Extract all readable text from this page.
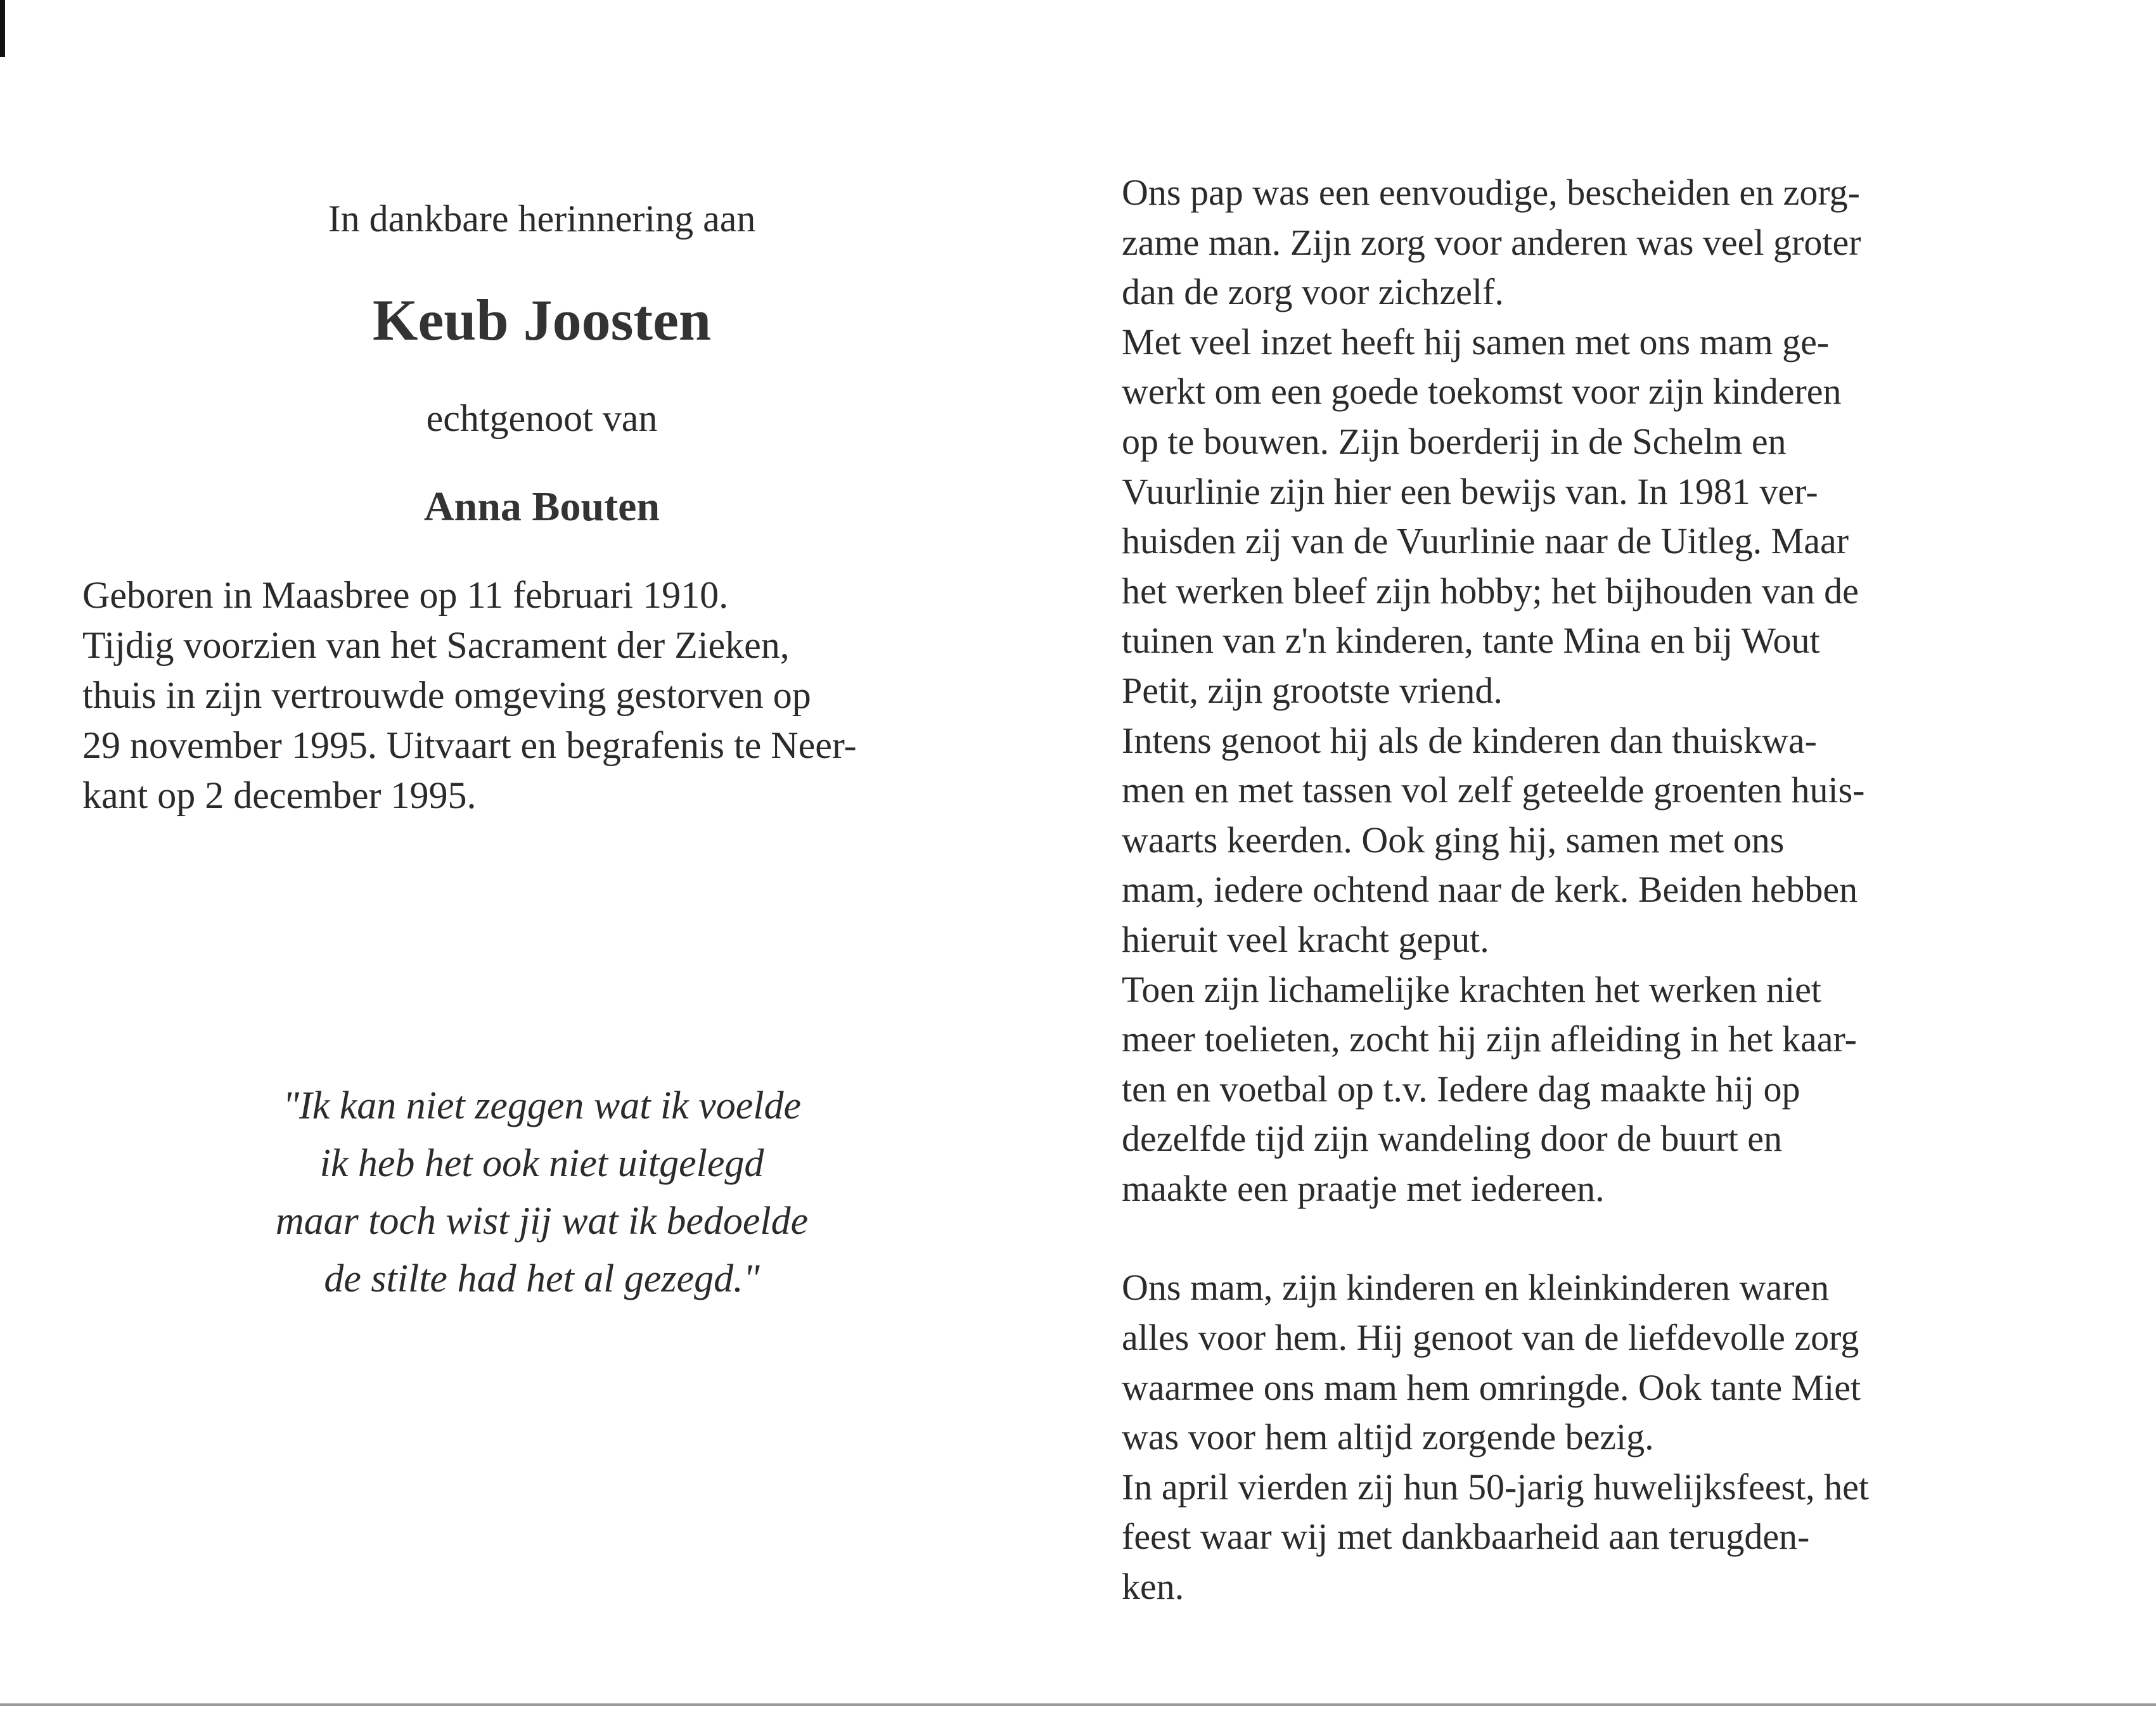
In dankbare herinnering aan
Keub Joosten
echtgenoot van
Anna Bouten
Geboren in Maasbree op 11 februari 1910.
Tijdig voorzien van het Sacrament der Zieken,
thuis in zijn vertrouwde omgeving gestorven op
29 november 1995. Uitvaart en begrafenis te Neer-
kant op 2 december 1995.
"Ik kan niet zeggen wat ik voelde
ik heb het ook niet uitgelegd
maar toch wist jij wat ik bedoelde
de stilte had het al gezegd."
Ons pap was een eenvoudige, bescheiden en zorg-
zame man. Zijn zorg voor anderen was veel groter
dan de zorg voor zichzelf.
Met veel inzet heeft hij samen met ons mam ge-
werkt om een goede toekomst voor zijn kinderen
op te bouwen. Zijn boerderij in de Schelm en
Vuurlinie zijn hier een bewijs van. In 1981 ver-
huisden zij van de Vuurlinie naar de Uitleg. Maar
het werken bleef zijn hobby; het bijhouden van de
tuinen van z'n kinderen, tante Mina en bij Wout
Petit, zijn grootste vriend.
Intens genoot hij als de kinderen dan thuiskwa-
men en met tassen vol zelf geteelde groenten huis-
waarts keerden. Ook ging hij, samen met ons
mam, iedere ochtend naar de kerk. Beiden hebben
hieruit veel kracht geput.
Toen zijn lichamelijke krachten het werken niet
meer toelieten, zocht hij zijn afleiding in het kaar-
ten en voetbal op t.v. Iedere dag maakte hij op
dezelfde tijd zijn wandeling door de buurt en
maakte een praatje met iedereen.
Ons mam, zijn kinderen en kleinkinderen waren
alles voor hem. Hij genoot van de liefdevolle zorg
waarmee ons mam hem omringde. Ook tante Miet
was voor hem altijd zorgende bezig.
In april vierden zij hun 50-jarig huwelijksfeest, het
feest waar wij met dankbaarheid aan terugden-
ken.
